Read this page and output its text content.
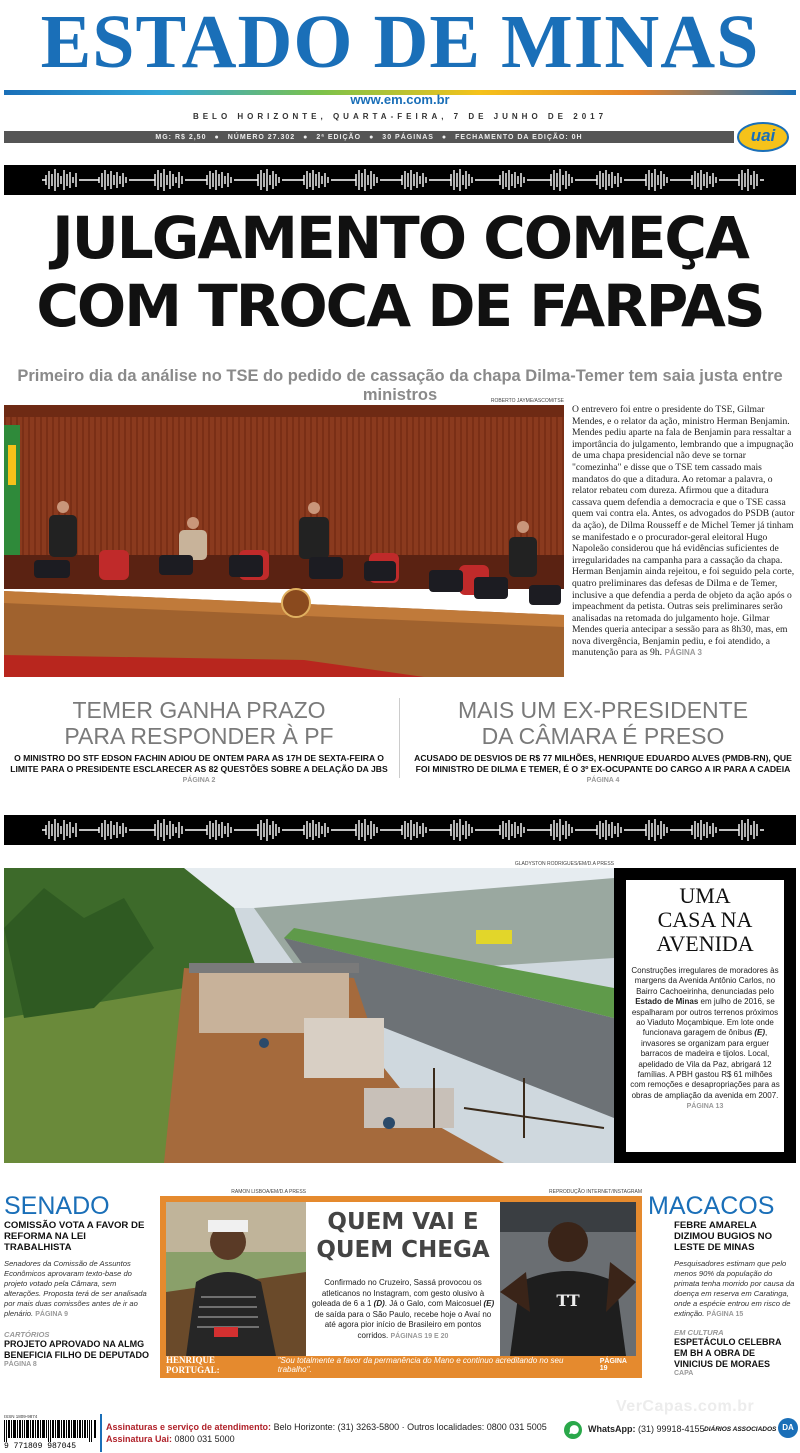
ESTADO DE MINAS
www.em.com.br
BELO HORIZONTE, QUARTA-FEIRA, 7 DE JUNHO DE 2017
MG: R$ 2,50 ● NÚMERO 27.302 ● 2ª EDIÇÃO ● 30 PÁGINAS ● FECHAMENTO DA EDIÇÃO: 0H	uai
JULGAMENTO COMEÇA
COM TROCA DE FARPAS
Primeiro dia da análise no TSE do pedido de cassação da chapa Dilma-Temer tem saia justa entre ministros	ROBERTO JAYME/ASCOM/TSE
O entrevero foi entre o presidente do TSE, Gilmar Mendes, e o relator da ação, ministro Herman Benjamin. Mendes pediu aparte na fala de Benjamin para ressaltar a importância do julgamento, lembrando que a impugnação de uma chapa presidencial não deve se tornar "comezinha" e disse que o TSE tem cassado mais mandatos do que a ditadura. Ao retomar a palavra, o relator rebateu com dureza. Afirmou que a ditadura cassava quem defendia a democracia e que o TSE cassa quem vai contra ela. Antes, os advogados do PSDB (autor da ação), de Dilma Rousseff e de Michel Temer já tinham se manifestado e o procurador-geral eleitoral Hugo Napoleão considerou que há evidências suficientes de irregularidades na campanha para a cassação da chapa. Herman Benjamin ainda rejeitou, e foi seguido pela corte, quatro preliminares das defesas de Dilma e de Temer, inclusive a que defendia a perda de objeto da ação após o impeachment da petista. Outras seis preliminares serão analisadas na retomada do julgamento hoje. Gilmar Mendes queria antecipar a sessão para as 8h30, mas, em nova divergência, Benjamin pediu, e foi atendido, a manutenção para as 9h. PÁGINA 3
TEMER GANHA PRAZO
PARA RESPONDER À PF
O MINISTRO DO STF EDSON FACHIN ADIOU DE ONTEM PARA AS 17H DE SEXTA-FEIRA O LIMITE PARA O PRESIDENTE ESCLARECER AS 82 QUESTÕES SOBRE A DELAÇÃO DA JBS
PÁGINA 2
MAIS UM EX-PRESIDENTE
DA CÂMARA É PRESO
ACUSADO DE DESVIOS DE R$ 77 MILHÕES, HENRIQUE EDUARDO ALVES (PMDB-RN), QUE FOI MINISTRO DE DILMA E TEMER, É O 3º EX-OCUPANTE DO CARGO A IR PARA A CADEIA
PÁGINA 4
GLADYSTON RODRIGUES/EM/D.A PRESS
UMA
CASA NA
AVENIDA
Construções irregulares de moradores às margens da Avenida Antônio Carlos, no Bairro Cachoeirinha, denunciadas pelo Estado de Minas em julho de 2016, se espalharam por outros terrenos próximos ao Viaduto Moçambique. Em lote onde funcionava garagem de ônibus (E), invasores se organizam para erguer barracos de madeira e tijolos. Local, apelidado de Vila da Paz, abrigará 12 famílias. A PBH gastou R$ 61 milhões com remoções e desapropriações para as obras de ampliação da avenida em 2007. PÁGINA 13
SENADO
COMISSÃO VOTA A FAVOR DE REFORMA NA LEI TRABALHISTA
Senadores da Comissão de Assuntos Econômicos aprovaram texto-base do projeto votado pela Câmara, sem alterações. Proposta terá de ser analisada por mais duas comissões antes de ir ao plenário. PÁGINA 9
CARTÓRIOS
PROJETO APROVADO NA ALMG BENEFICIA FILHO DE DEPUTADO
PÁGINA 8
RAMON LISBOA/EM/D.A PRESS	REPRODUÇÃO INTERNET/INSTAGRAM
QUEM VAI E
QUEM CHEGA
Confirmado no Cruzeiro, Sassá provocou os atleticanos no Instagram, com gesto olusivo à goleada de 6 a 1 (D). Já o Galo, com Maicosuel (E) de saída para o São Paulo, recebe hoje o Avaí no até agora pior início de Brasileiro em pontos corridos. PÁGINAS 19 E 20
TT
HENRIQUE PORTUGAL:
"Sou totalmente a favor da permanência do Mano e continuo acreditando no seu trabalho".
PÁGINA 19
MACACOS
FEBRE AMARELA DIZIMOU BUGIOS NO LESTE DE MINAS
Pesquisadores estimam que pelo menos 90% da população do primata tenha morrido por causa da doença em reserva em Caratinga, onde a espécie entrou em risco de extinção. PÁGINA 15
EM CULTURA
ESPETÁCULO CELEBRA EM BH A OBRA DE VINICIUS DE MORAES
CAPA
ISSN 1809-9874
9 771809 987045
Assinaturas e serviço de atendimento: Belo Horizonte: (31) 3263-5800 · Outros localidades: 0800 031 5005
Assinatura Uai: 0800 031 5000
WhatsApp: (31) 99918-4155 DIÁRIOS ASSOCIADOS DA
VerCapas.com.br
